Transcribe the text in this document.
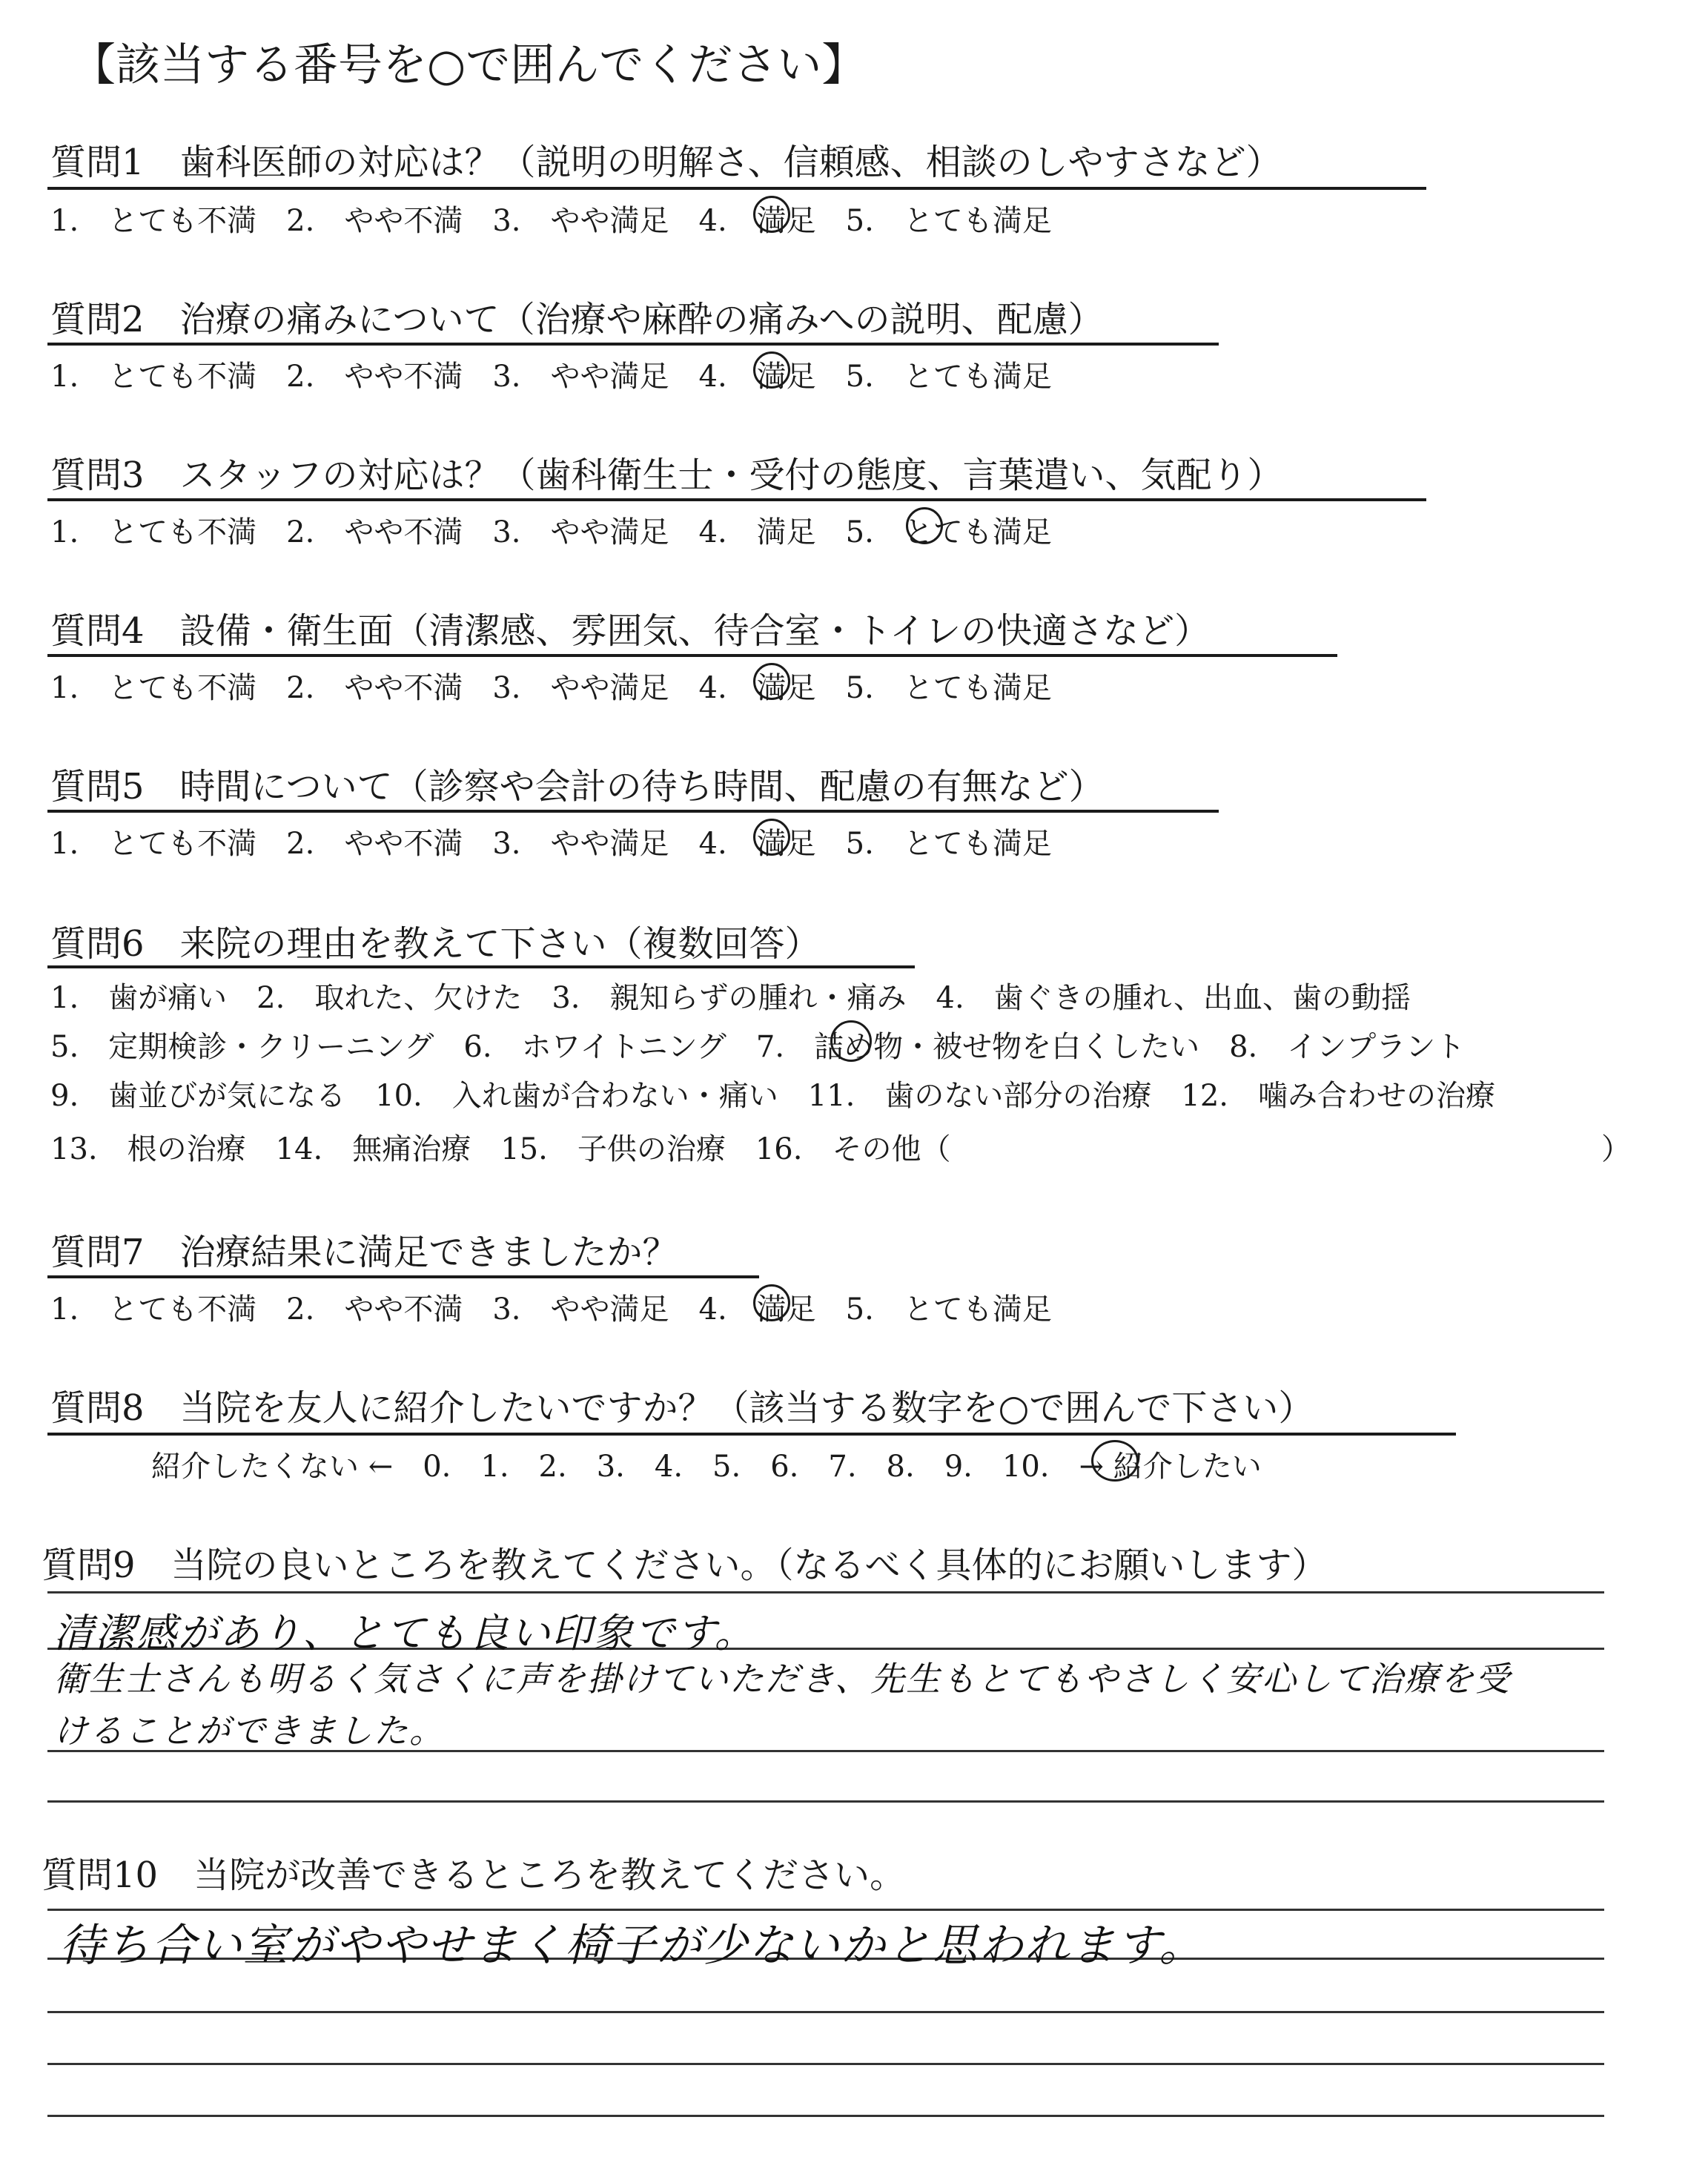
【該当する番号を○で囲んでください】
質問1　歯科医師の対応は？（説明の明解さ、信頼感、相談のしやすさなど）
1.　とても不満　2.　やや不満　3.　やや満足　4.　満足　5.　とても満足
質問2　治療の痛みについて（治療や麻酔の痛みへの説明、配慮）
1.　とても不満　2.　やや不満　3.　やや満足　4.　満足　5.　とても満足
質問3　スタッフの対応は？（歯科衛生士・受付の態度、言葉遣い、気配り）
1.　とても不満　2.　やや不満　3.　やや満足　4.　満足　5.　とても満足
質問4　設備・衛生面（清潔感、雰囲気、待合室・トイレの快適さなど）
1.　とても不満　2.　やや不満　3.　やや満足　4.　満足　5.　とても満足
質問5　時間について（診察や会計の待ち時間、配慮の有無など）
1.　とても不満　2.　やや不満　3.　やや満足　4.　満足　5.　とても満足
質問6　来院の理由を教えて下さい（複数回答）
1.　歯が痛い　2.　取れた、欠けた　3.　親知らずの腫れ・痛み　4.　歯ぐきの腫れ、出血、歯の動揺
5.　定期検診・クリーニング　6.　ホワイトニング　7.　詰め物・被せ物を白くしたい　8.　インプラント
9.　歯並びが気になる　10.　入れ歯が合わない・痛い　11.　歯のない部分の治療　12.　噛み合わせの治療
13.　根の治療　14.　無痛治療　15.　子供の治療　16.　その他（	）
質問7　治療結果に満足できましたか？
1.　とても不満　2.　やや不満　3.　やや満足　4.　満足　5.　とても満足
質問8　当院を友人に紹介したいですか？（該当する数字を○で囲んで下さい）
紹介したくない ←　0.　1.　2.　3.　4.　5.　6.　7.　8.　9.　10.　→ 紹介したい
質問9　当院の良いところを教えてください。（なるべく具体的にお願いします）
清潔感があり、とても良い印象です。
衛生士さんも明るく気さくに声を掛けていただき、先生もとてもやさしく安心して治療を受
けることができました。
質問10　当院が改善できるところを教えてください。
待ち合い室がややせまく椅子が少ないかと思われます。
